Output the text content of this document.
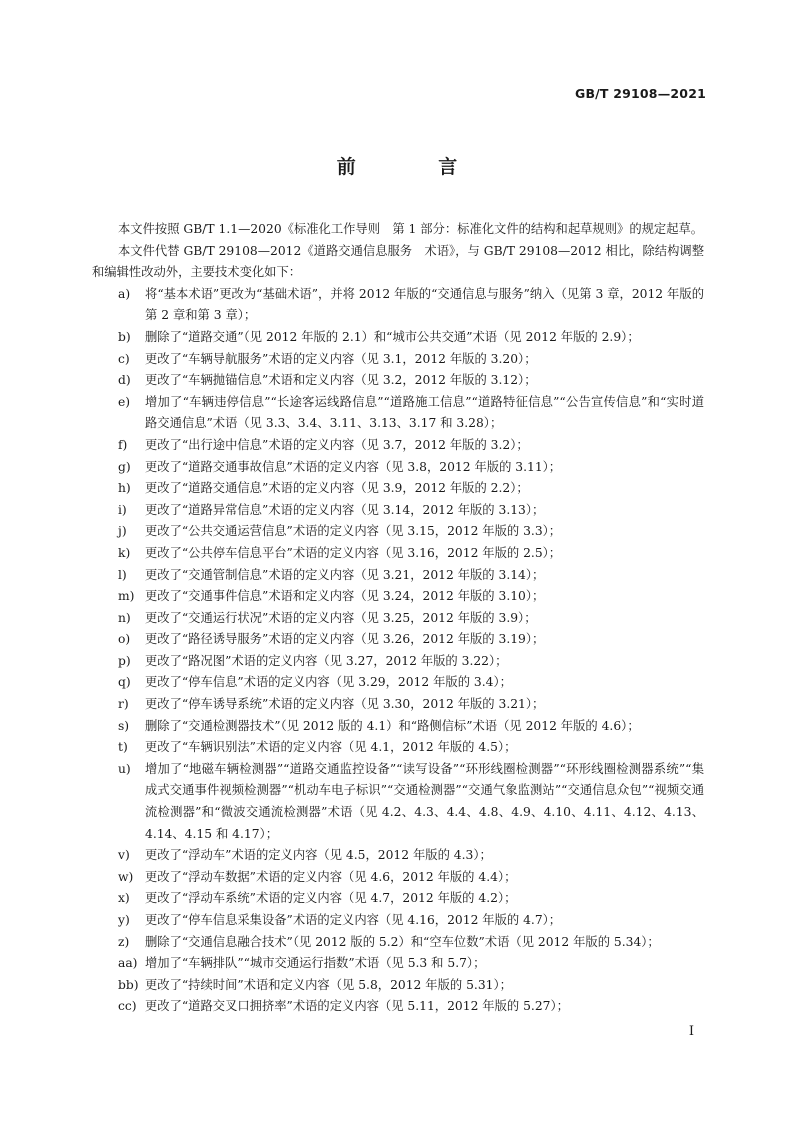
GB/T 29108—2021
前 言

本文件按照 GB/T 1.1—2020《标准化工作导则　第 1 部分：标准化文件的结构和起草规则》的规定起草。

本文件代替 GB/T 29108—2012《道路交通信息服务　术语》，与 GB/T 29108—2012 相比，除结构调整和编辑性改动外，主要技术变化如下：

a)	将“基本术语”更改为“基础术语”，并将 2012 年版的“交通信息与服务”纳入（见第 3 章，2012 年版的第 2 章和第 3 章）；
b)	删除了“道路交通”（见 2012 年版的 2.1）和“城市公共交通”术语（见 2012 年版的 2.9）；
c)	更改了“车辆导航服务”术语的定义内容（见 3.1，2012 年版的 3.20）；
d)	更改了“车辆抛锚信息”术语和定义内容（见 3.2，2012 年版的 3.12）；
e)	增加了“车辆违停信息”“长途客运线路信息”“道路施工信息”“道路特征信息”“公告宣传信息”和“实时道路交通信息”术语（见 3.3、3.4、3.11、3.13、3.17 和 3.28）；
f)	更改了“出行途中信息”术语的定义内容（见 3.7，2012 年版的 3.2）；
g)	更改了“道路交通事故信息”术语的定义内容（见 3.8，2012 年版的 3.11）；
h)	更改了“道路交通信息”术语的定义内容（见 3.9，2012 年版的 2.2）；
i)	更改了“道路异常信息”术语的定义内容（见 3.14，2012 年版的 3.13）；
j)	更改了“公共交通运营信息”术语的定义内容（见 3.15，2012 年版的 3.3）；
k)	更改了“公共停车信息平台”术语的定义内容（见 3.16，2012 年版的 2.5）；
l)	更改了“交通管制信息”术语的定义内容（见 3.21，2012 年版的 3.14）；
m) 更改了“交通事件信息”术语和定义内容（见 3.24，2012 年版的 3.10）；
n)	更改了“交通运行状况”术语的定义内容（见 3.25，2012 年版的 3.9）；
o)	更改了“路径诱导服务”术语的定义内容（见 3.26，2012 年版的 3.19）；
p)	更改了“路况图”术语的定义内容（见 3.27，2012 年版的 3.22）；
q)	更改了“停车信息”术语的定义内容（见 3.29，2012 年版的 3.4）；
r)	更改了“停车诱导系统”术语的定义内容（见 3.30，2012 年版的 3.21）；
s)	删除了“交通检测器技术”（见 2012 版的 4.1）和“路侧信标”术语（见 2012 年版的 4.6）；
t)	更改了“车辆识别法”术语的定义内容（见 4.1，2012 年版的 4.5）；
u)	增加了“地磁车辆检测器”“道路交通监控设备”“读写设备”“环形线圈检测器”“环形线圈检测器系统”“集成式交通事件视频检测器”“机动车电子标识”“交通检测器”“交通气象监测站”“交通信息众包”“视频交通流检测器”和“微波交通流检测器”术语（见 4.2、4.3、4.4、4.8、4.9、4.10、4.11、4.12、4.13、4.14、4.15 和 4.17）；
v)	更改了“浮动车”术语的定义内容（见 4.5，2012 年版的 4.3）；
w) 更改了“浮动车数据”术语的定义内容（见 4.6，2012 年版的 4.4）；
x)	更改了“浮动车系统”术语的定义内容（见 4.7，2012 年版的 4.2）；
y)	更改了“停车信息采集设备”术语的定义内容（见 4.16，2012 年版的 4.7）；
z)	删除了“交通信息融合技术”（见 2012 版的 5.2）和“空车位数”术语（见 2012 年版的 5.34）；
aa) 增加了“车辆排队”“城市交通运行指数”术语（见 5.3 和 5.7）；
bb) 更改了“持续时间”术语和定义内容（见 5.8，2012 年版的 5.31）；
cc) 更改了“道路交叉口拥挤率”术语的定义内容（见 5.11，2012 年版的 5.27）；
I
